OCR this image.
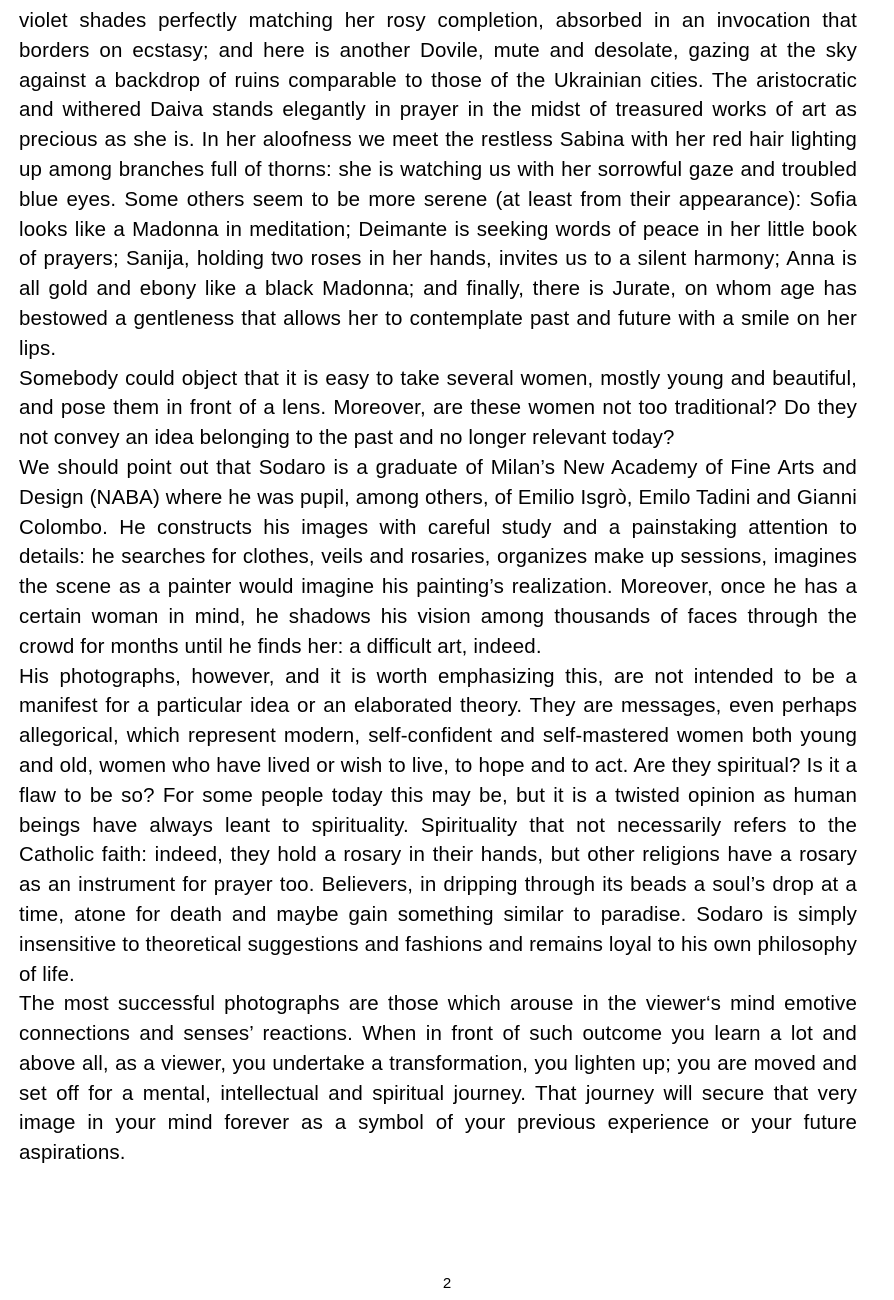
violet shades perfectly matching her rosy completion, absorbed in an invocation that borders on ecstasy; and here is another Dovile, mute and desolate, gazing at the sky against a backdrop of ruins comparable to those of the Ukrainian cities. The aristocratic and withered Daiva stands elegantly in prayer in the midst of treasured works of art as precious as she is. In her aloofness we meet the restless Sabina with her red hair lighting up among branches full of thorns: she is watching us with her sorrowful gaze and troubled blue eyes. Some others seem to be more serene (at least from their appearance): Sofia looks like a Madonna in meditation; Deimante is seeking words of peace in her little book of prayers; Sanija, holding two roses in her hands, invites us to a silent harmony; Anna is all gold and ebony like a black Madonna; and finally, there is Jurate, on whom age has bestowed a gentleness that allows her to contemplate past and future with a smile on her lips.

Somebody could object that it is easy to take several women, mostly young and beautiful, and pose them in front of a lens. Moreover, are these women not too traditional? Do they not convey an idea belonging to the past and no longer relevant today?

We should point out that Sodaro is a graduate of Milan’s New Academy of Fine Arts and Design (NABA) where he was pupil, among others, of Emilio Isgrò, Emilo Tadini and Gianni Colombo. He constructs his images with careful study and a painstaking attention to details: he searches for clothes, veils and rosaries, organizes make up sessions, imagines the scene as a painter would imagine his painting’s realization. Moreover, once he has a certain woman in mind, he shadows his vision among thousands of faces through the crowd for months until he finds her: a difficult art, indeed.

His photographs, however, and it is worth emphasizing this, are not intended to be a manifest for a particular idea or an elaborated theory. They are messages, even perhaps allegorical, which represent modern, self-confident and self-mastered women both young and old, women who have lived or wish to live, to hope and to act. Are they spiritual? Is it a flaw to be so? For some people today this may be, but it is a twisted opinion as human beings have always leant to spirituality. Spirituality that not necessarily refers to the Catholic faith: indeed, they hold a rosary in their hands, but other religions have a rosary as an instrument for prayer too. Believers, in dripping through its beads a soul’s drop at a time, atone for death and maybe gain something similar to paradise. Sodaro is simply insensitive to theoretical suggestions and fashions and remains loyal to his own philosophy of life.

The most successful photographs are those which arouse in the viewer‘s mind emotive connections and senses’ reactions. When in front of such outcome you learn a lot and above all, as a viewer, you undertake a transformation, you lighten up; you are moved and set off for a mental, intellectual and spiritual journey. That journey will secure that very image in your mind forever as a symbol of your previous experience or your future aspirations.

2
